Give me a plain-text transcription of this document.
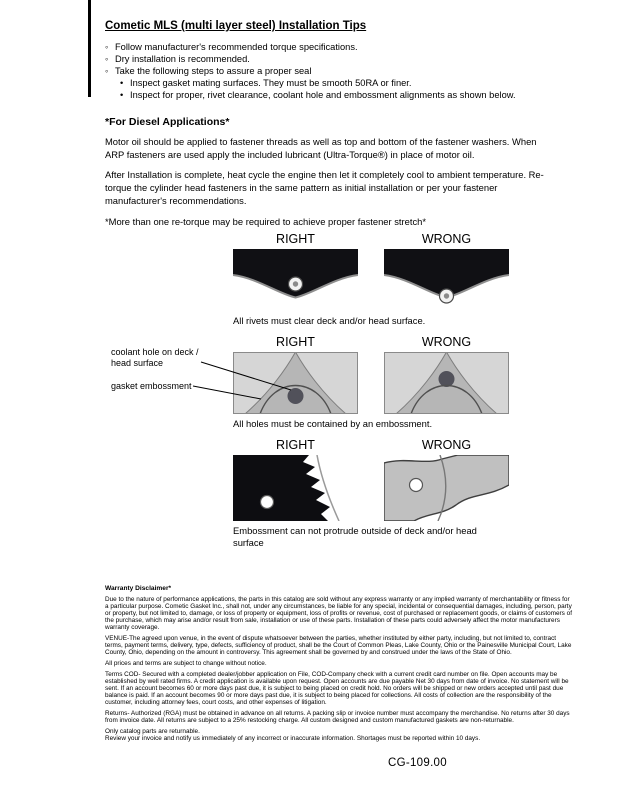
Cometic MLS (multi layer steel) Installation Tips
◦ Follow manufacturer's recommended torque specifications.
◦ Dry installation is recommended.
◦ Take the following steps to assure a proper seal
• Inspect gasket mating surfaces. They must be smooth 50RA or finer.
• Inspect for proper, rivet clearance, coolant hole and embossment alignments as shown below.
*For Diesel Applications*

Motor oil should be applied to fastener threads as well as top and bottom of the fastener washers. When ARP fasteners are used apply the included lubricant (Ultra-Torque®) in place of motor oil.

After Installation is complete, heat cycle the engine then let it completely cool to ambient temperature. Re-torque the cylinder head fasteners in the same pattern as initial installation or per your fastener manufacturer's recommendations.

*More than one re-torque may be required to achieve proper fastener stretch*

RIGHT	WRONG
All rivets must clear deck and/or head surface.
coolant hole on deck / head surface
gasket embossment
RIGHT	WRONG
All holes must be contained by an embossment.
RIGHT	WRONG
Embossment can not protrude outside of deck and/or head surface
Warranty Disclaimer*

Due to the nature of performance applications, the parts in this catalog are sold without any express warranty or any implied warranty of merchantability or fitness for a particular purpose. Cometic Gasket Inc., shall not, under any circumstances, be liable for any special, incidental or consequential damages, including, person, party or property, but not limited to, damage, or loss of property or equipment, loss of profits or revenue, cost of purchased or replacement goods, or claims of customers of the purchase, which may arise and/or result from sale, installation or use of these parts. Installation of these parts could adversely affect the motor manufacturers warranty coverage.

VENUE-The agreed upon venue, in the event of dispute whatsoever between the parties, whether instituted by either party, including, but not limited to, contract terms, payment terms, delivery, type, defects, sufficiency of product, shall be the Court of Common Pleas, Lake County, Ohio or the Painesville Municipal Court, Lake County, Ohio, depending on the amount in controversy. This agreement shall be governed by and construed under the laws of the State of Ohio.

All prices and terms are subject to change without notice.

Terms COD- Secured with a completed dealer/jobber application on File, COD-Company check with a current credit card number on file. Open accounts may be established by well rated firms. A credit application is available upon request. Open accounts are due payable Net 30 days from date of invoice. No statement will be sent. If an account becomes 60 or more days past due, it is subject to being placed on credit hold. No orders will be shipped or new orders accepted until past due balance is paid. If an account becomes 90 or more days past due, it is subject to being placed for collections. All costs of collection are the responsibility of the customer, including attorney fees, court costs, and other expenses of litigation.

Returns- Authorized (RGA) must be obtained in advance on all returns. A packing slip or invoice number must accompany the merchandise. No returns after 30 days from invoice date. All returns are subject to a 25% restocking charge. All custom designed and custom manufactured gaskets are non-returnable.

Only catalog parts are returnable.

Review your invoice and notify us immediately of any incorrect or inaccurate information. Shortages must be reported within 10 days.

CG-109.00
